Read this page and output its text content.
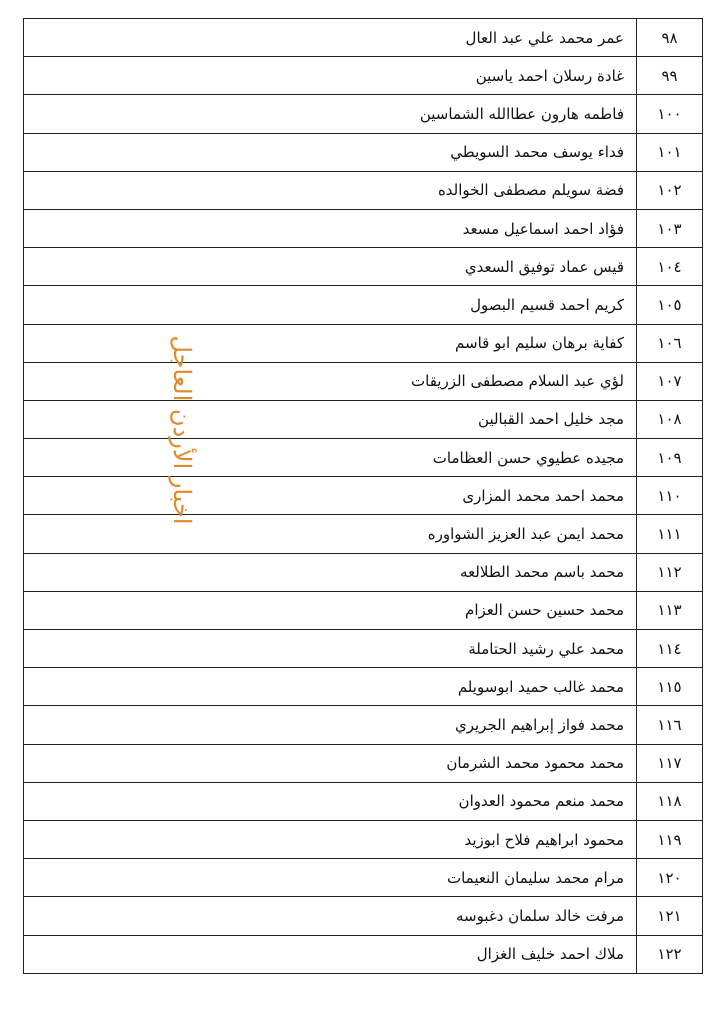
٩٨	عمر محمد علي عبد العال
٩٩	غادة رسلان احمد ياسين
١٠٠	فاطمه هارون عطاالله الشماسين
١٠١	فداء يوسف محمد السويطي
١٠٢	فضة سويلم مصطفى الخوالده
١٠٣	فؤاد احمد اسماعيل مسعد
١٠٤	قيس عماد توفيق السعدي
١٠٥	كريم احمد قسيم البصول
١٠٦	كفاية برهان سليم ابو قاسم
١٠٧	لؤي عبد السلام مصطفى الزريقات
١٠٨	مجد خليل احمد القبالين
١٠٩	مجيده عطيوي حسن العظامات
١١٠	محمد احمد محمد المزارى
١١١	محمد ايمن عبد العزيز الشواوره
١١٢	محمد باسم محمد الطلالعه
١١٣	محمد حسين حسن العزام
١١٤	محمد علي رشيد الحتاملة
١١٥	محمد غالب حميد ابوسويلم
١١٦	محمد فواز إبراهيم الجريري
١١٧	محمد محمود محمد الشرمان
١١٨	محمد منعم محمود العدوان
١١٩	محمود ابراهيم فلاح ابوزيد
١٢٠	مرام محمد سليمان النعيمات
١٢١	مرفت خالد سلمان دغبوسه
١٢٢	ملاك احمد خليف الغزال
اخبار الأردن العاجل
